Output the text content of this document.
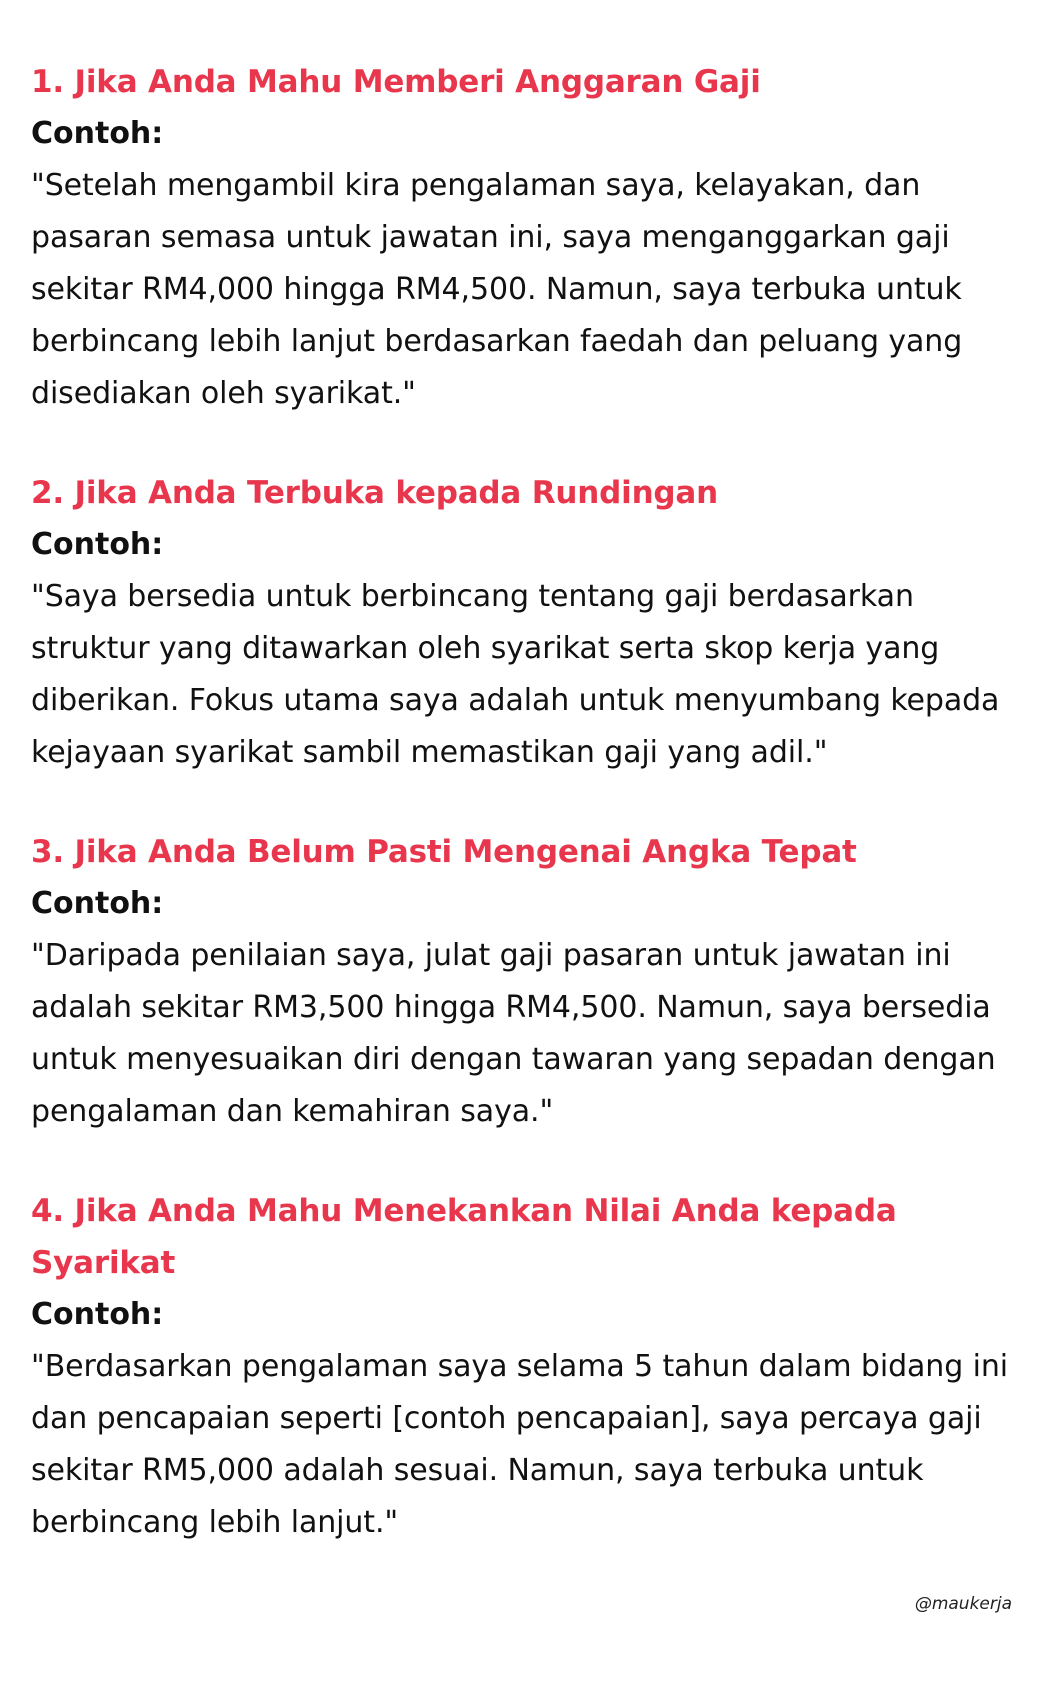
1. Jika Anda Mahu Memberi Anggaran Gaji

Contoh:

"Setelah mengambil kira pengalaman saya, kelayakan, dan pasaran semasa untuk jawatan ini, saya menganggarkan gaji sekitar RM4,000 hingga RM4,500. Namun, saya terbuka untuk berbincang lebih lanjut berdasarkan faedah dan peluang yang disediakan oleh syarikat."

2. Jika Anda Terbuka kepada Rundingan

Contoh:

"Saya bersedia untuk berbincang tentang gaji berdasarkan struktur yang ditawarkan oleh syarikat serta skop kerja yang diberikan. Fokus utama saya adalah untuk menyumbang kepada kejayaan syarikat sambil memastikan gaji yang adil."

3. Jika Anda Belum Pasti Mengenai Angka Tepat

Contoh:

"Daripada penilaian saya, julat gaji pasaran untuk jawatan ini adalah sekitar RM3,500 hingga RM4,500. Namun, saya bersedia untuk menyesuaikan diri dengan tawaran yang sepadan dengan pengalaman dan kemahiran saya."

4. Jika Anda Mahu Menekankan Nilai Anda kepada Syarikat

Contoh:

"Berdasarkan pengalaman saya selama 5 tahun dalam bidang ini dan pencapaian seperti [contoh pencapaian], saya percaya gaji sekitar RM5,000 adalah sesuai. Namun, saya terbuka untuk berbincang lebih lanjut."

@maukerja
